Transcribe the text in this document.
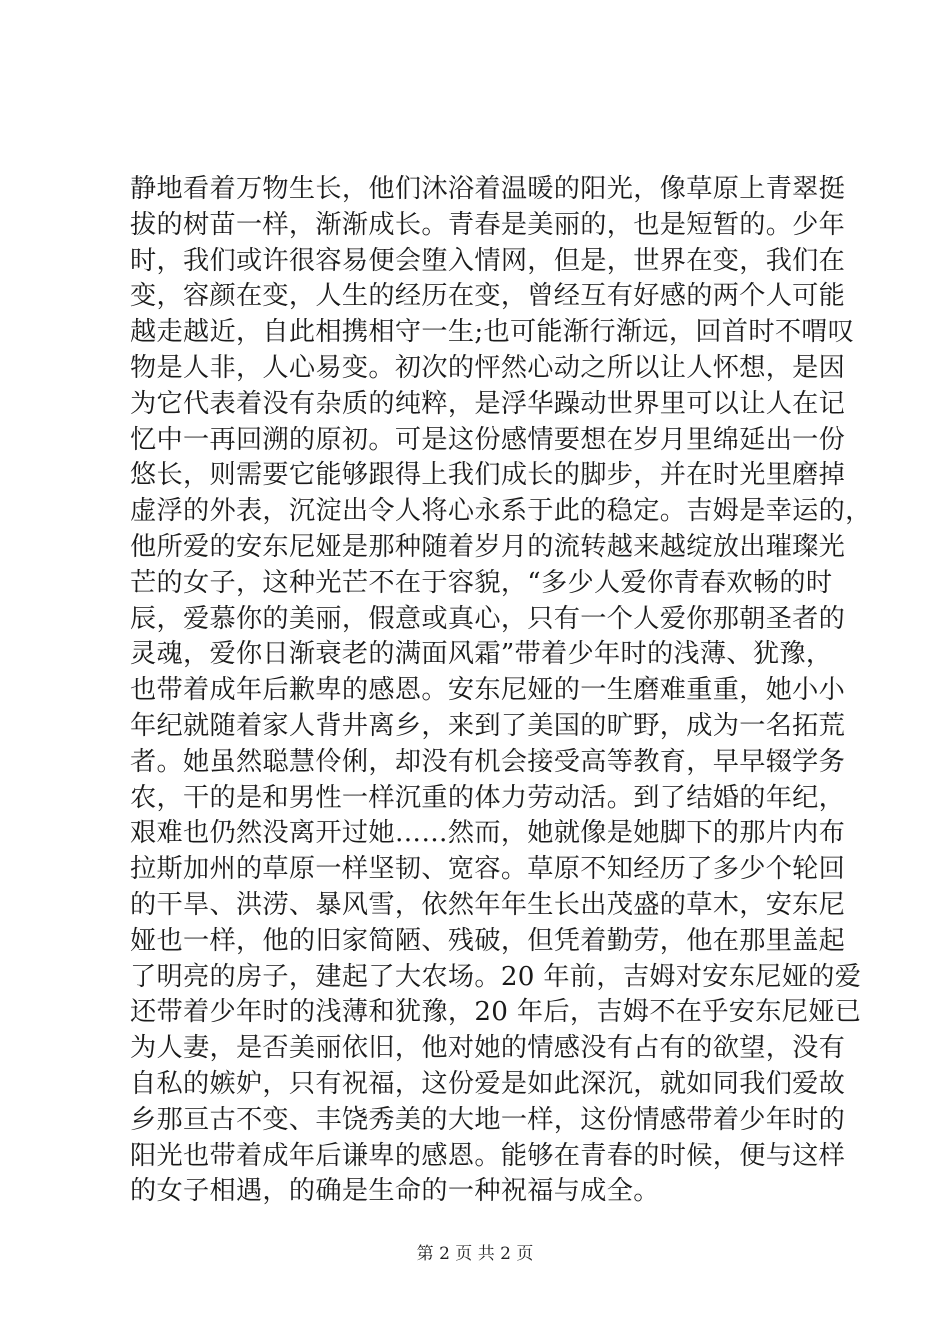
静地看着万物生长，他们沐浴着温暖的阳光，像草原上青翠挺
拔的树苗一样，渐渐成长。青春是美丽的，也是短暂的。少年
时，我们或许很容易便会堕入情网，但是，世界在变，我们在
变，容颜在变，人生的经历在变，曾经互有好感的两个人可能
越走越近，自此相携相守一生;也可能渐行渐远，回首时不喟叹
物是人非，人心易变。初次的怦然心动之所以让人怀想，是因
为它代表着没有杂质的纯粹，是浮华躁动世界里可以让人在记
忆中一再回溯的原初。可是这份感情要想在岁月里绵延出一份
悠长，则需要它能够跟得上我们成长的脚步，并在时光里磨掉
虚浮的外表，沉淀出令人将心永系于此的稳定。吉姆是幸运的，
他所爱的安东尼娅是那种随着岁月的流转越来越绽放出璀璨光
芒的女子，这种光芒不在于容貌，“多少人爱你青春欢畅的时
辰，爱慕你的美丽，假意或真心，只有一个人爱你那朝圣者的
灵魂，爱你日渐衰老的满面风霜”带着少年时的浅薄、犹豫，
也带着成年后歉卑的感恩。安东尼娅的一生磨难重重，她小小
年纪就随着家人背井离乡，来到了美国的旷野，成为一名拓荒
者。她虽然聪慧伶俐，却没有机会接受高等教育，早早辍学务
农，干的是和男性一样沉重的体力劳动活。到了结婚的年纪，
艰难也仍然没离开过她……然而，她就像是她脚下的那片内布
拉斯加州的草原一样坚韧、宽容。草原不知经历了多少个轮回
的干旱、洪涝、暴风雪，依然年年生长出茂盛的草木，安东尼
娅也一样，他的旧家简陋、残破，但凭着勤劳，他在那里盖起
了明亮的房子，建起了大农场。20 年前，吉姆对安东尼娅的爱
还带着少年时的浅薄和犹豫，20 年后，吉姆不在乎安东尼娅已
为人妻，是否美丽依旧，他对她的情感没有占有的欲望，没有
自私的嫉妒，只有祝福，这份爱是如此深沉，就如同我们爱故
乡那亘古不变、丰饶秀美的大地一样，这份情感带着少年时的
阳光也带着成年后谦卑的感恩。能够在青春的时候，便与这样
的女子相遇，的确是生命的一种祝福与成全。
第 2 页 共 2 页
